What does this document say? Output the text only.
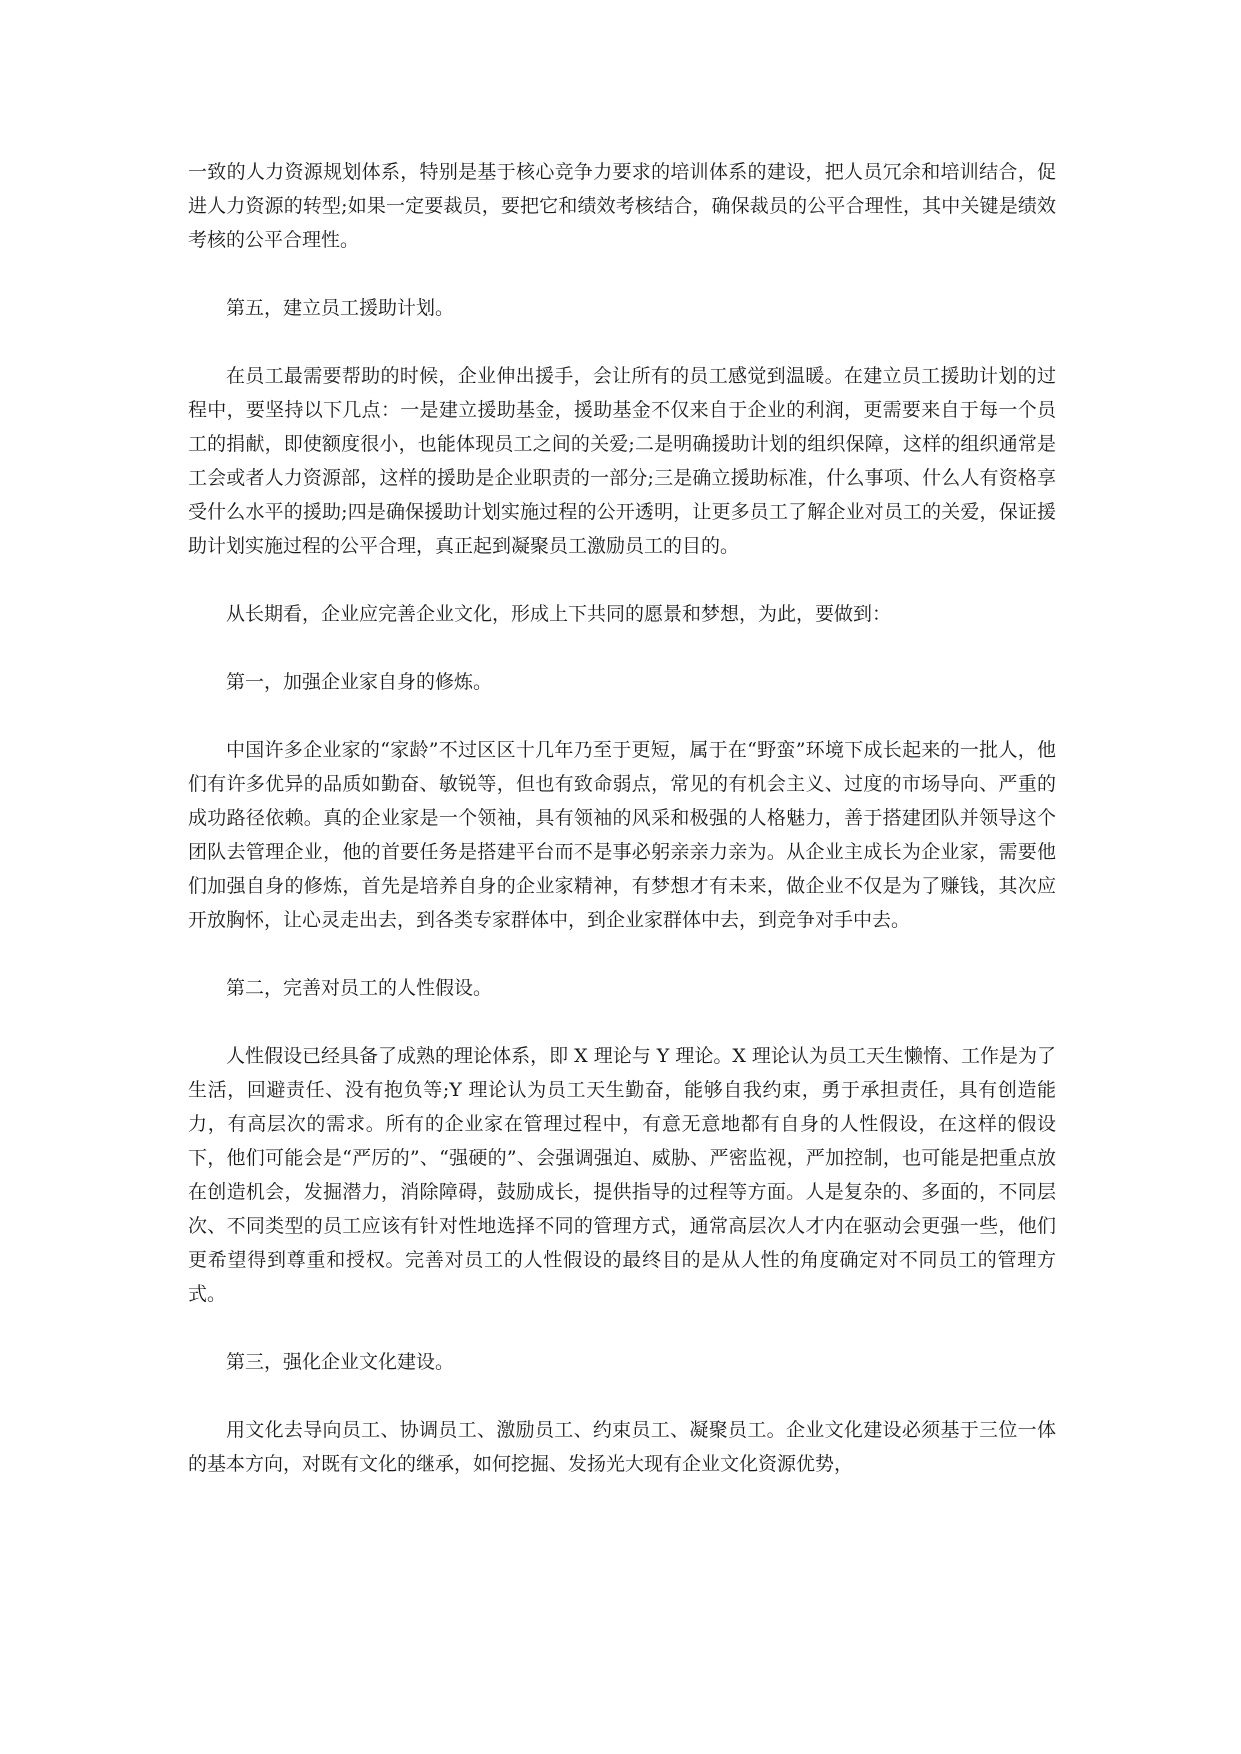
一致的人力资源规划体系，特别是基于核心竞争力要求的培训体系的建设，把人员冗余和培训结合，促进人力资源的转型;如果一定要裁员，要把它和绩效考核结合，确保裁员的公平合理性，其中关键是绩效考核的公平合理性。

第五，建立员工援助计划。

在员工最需要帮助的时候，企业伸出援手，会让所有的员工感觉到温暖。在建立员工援助计划的过程中，要坚持以下几点：一是建立援助基金，援助基金不仅来自于企业的利润，更需要来自于每一个员工的捐献，即使额度很小，也能体现员工之间的关爱;二是明确援助计划的组织保障，这样的组织通常是工会或者人力资源部，这样的援助是企业职责的一部分;三是确立援助标准，什么事项、什么人有资格享受什么水平的援助;四是确保援助计划实施过程的公开透明，让更多员工了解企业对员工的关爱，保证援助计划实施过程的公平合理，真正起到凝聚员工激励员工的目的。

从长期看，企业应完善企业文化，形成上下共同的愿景和梦想，为此，要做到：

第一，加强企业家自身的修炼。

中国许多企业家的“家龄”不过区区十几年乃至于更短，属于在“野蛮”环境下成长起来的一批人，他们有许多优异的品质如勤奋、敏锐等，但也有致命弱点，常见的有机会主义、过度的市场导向、严重的成功路径依赖。真的企业家是一个领袖，具有领袖的风采和极强的人格魅力，善于搭建团队并领导这个团队去管理企业，他的首要任务是搭建平台而不是事必躬亲亲力亲为。从企业主成长为企业家，需要他们加强自身的修炼，首先是培养自身的企业家精神，有梦想才有未来，做企业不仅是为了赚钱，其次应开放胸怀，让心灵走出去，到各类专家群体中，到企业家群体中去，到竞争对手中去。

第二，完善对员工的人性假设。

人性假设已经具备了成熟的理论体系，即 X 理论与 Y 理论。X 理论认为员工天生懒惰、工作是为了生活，回避责任、没有抱负等;Y 理论认为员工天生勤奋，能够自我约束，勇于承担责任，具有创造能力，有高层次的需求。所有的企业家在管理过程中，有意无意地都有自身的人性假设，在这样的假设下，他们可能会是“严厉的”、“强硬的”、会强调强迫、威胁、严密监视，严加控制，也可能是把重点放在创造机会，发掘潜力，消除障碍，鼓励成长，提供指导的过程等方面。人是复杂的、多面的，不同层次、不同类型的员工应该有针对性地选择不同的管理方式，通常高层次人才内在驱动会更强一些，他们更希望得到尊重和授权。完善对员工的人性假设的最终目的是从人性的角度确定对不同员工的管理方式。

第三，强化企业文化建设。

用文化去导向员工、协调员工、激励员工、约束员工、凝聚员工。企业文化建设必须基于三位一体的基本方向，对既有文化的继承，如何挖掘、发扬光大现有企业文化资源优势，
